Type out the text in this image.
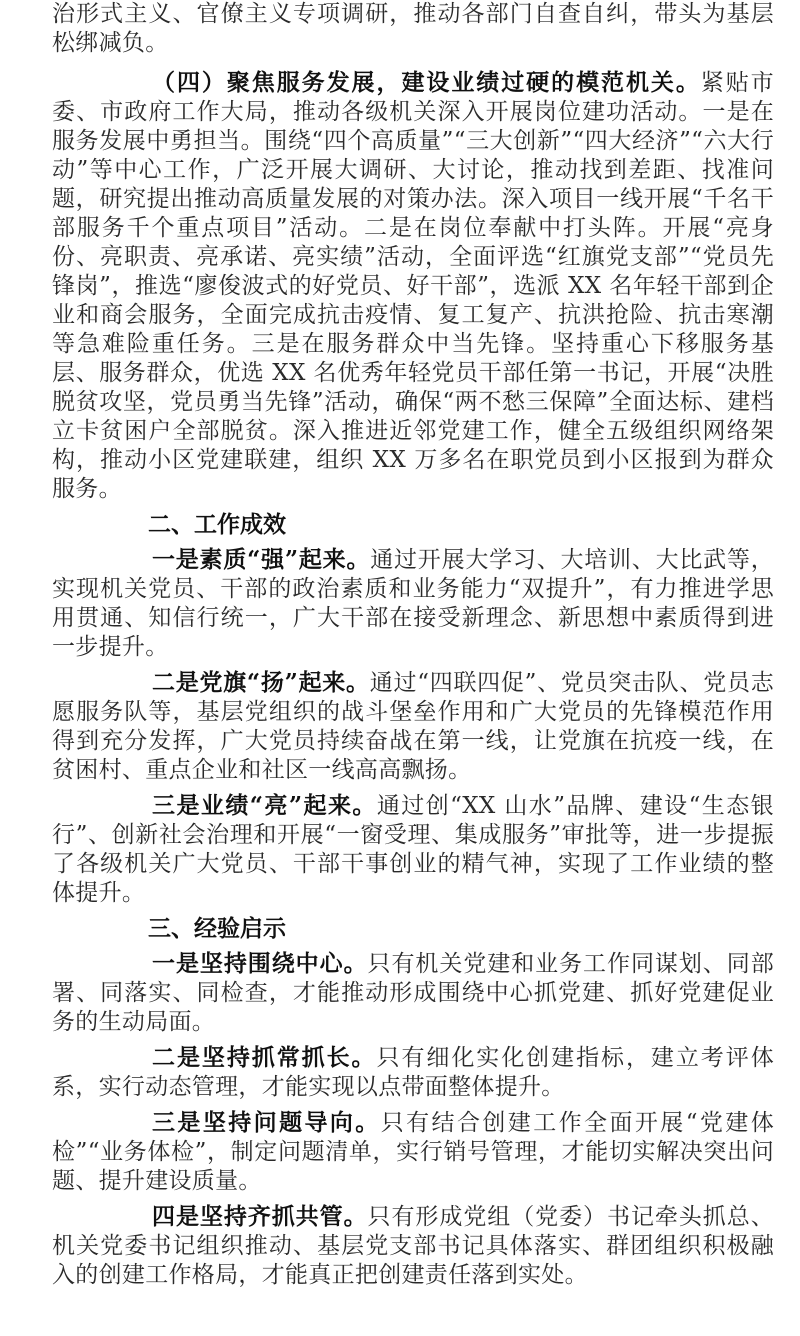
治形式主义、官僚主义专项调研，推动各部门自查自纠，带头为基层松绑减负。

（四）聚焦服务发展，建设业绩过硬的模范机关。紧贴市委、市政府工作大局，推动各级机关深入开展岗位建功活动。一是在服务发展中勇担当。围绕“四个高质量”“三大创新”“四大经济”“六大行动”等中心工作，广泛开展大调研、大讨论，推动找到差距、找准问题，研究提出推动高质量发展的对策办法。深入项目一线开展“千名干部服务千个重点项目”活动。二是在岗位奉献中打头阵。开展“亮身份、亮职责、亮承诺、亮实绩”活动，全面评选“红旗党支部”“党员先锋岗”，推选“廖俊波式的好党员、好干部”，选派 XX 名年轻干部到企业和商会服务，全面完成抗击疫情、复工复产、抗洪抢险、抗击寒潮等急难险重任务。三是在服务群众中当先锋。坚持重心下移服务基层、服务群众，优选 XX 名优秀年轻党员干部任第一书记，开展“决胜脱贫攻坚，党员勇当先锋”活动，确保“两不愁三保障”全面达标、建档立卡贫困户全部脱贫。深入推进近邻党建工作，健全五级组织网络架构，推动小区党建联建，组织 XX 万多名在职党员到小区报到为群众服务。

二、工作成效

一是素质“强”起来。通过开展大学习、大培训、大比武等，实现机关党员、干部的政治素质和业务能力“双提升”，有力推进学思用贯通、知信行统一，广大干部在接受新理念、新思想中素质得到进一步提升。

二是党旗“扬”起来。通过“四联四促”、党员突击队、党员志愿服务队等，基层党组织的战斗堡垒作用和广大党员的先锋模范作用得到充分发挥，广大党员持续奋战在第一线，让党旗在抗疫一线，在贫困村、重点企业和社区一线高高飘扬。

三是业绩“亮”起来。通过创“XX 山水”品牌、建设“生态银行”、创新社会治理和开展“一窗受理、集成服务”审批等，进一步提振了各级机关广大党员、干部干事创业的精气神，实现了工作业绩的整体提升。

三、经验启示

一是坚持围绕中心。只有机关党建和业务工作同谋划、同部署、同落实、同检查，才能推动形成围绕中心抓党建、抓好党建促业务的生动局面。

二是坚持抓常抓长。只有细化实化创建指标，建立考评体系，实行动态管理，才能实现以点带面整体提升。

三是坚持问题导向。只有结合创建工作全面开展“党建体检”“业务体检”，制定问题清单，实行销号管理，才能切实解决突出问题、提升建设质量。

四是坚持齐抓共管。只有形成党组（党委）书记牵头抓总、机关党委书记组织推动、基层党支部书记具体落实、群团组织积极融入的创建工作格局，才能真正把创建责任落到实处。
